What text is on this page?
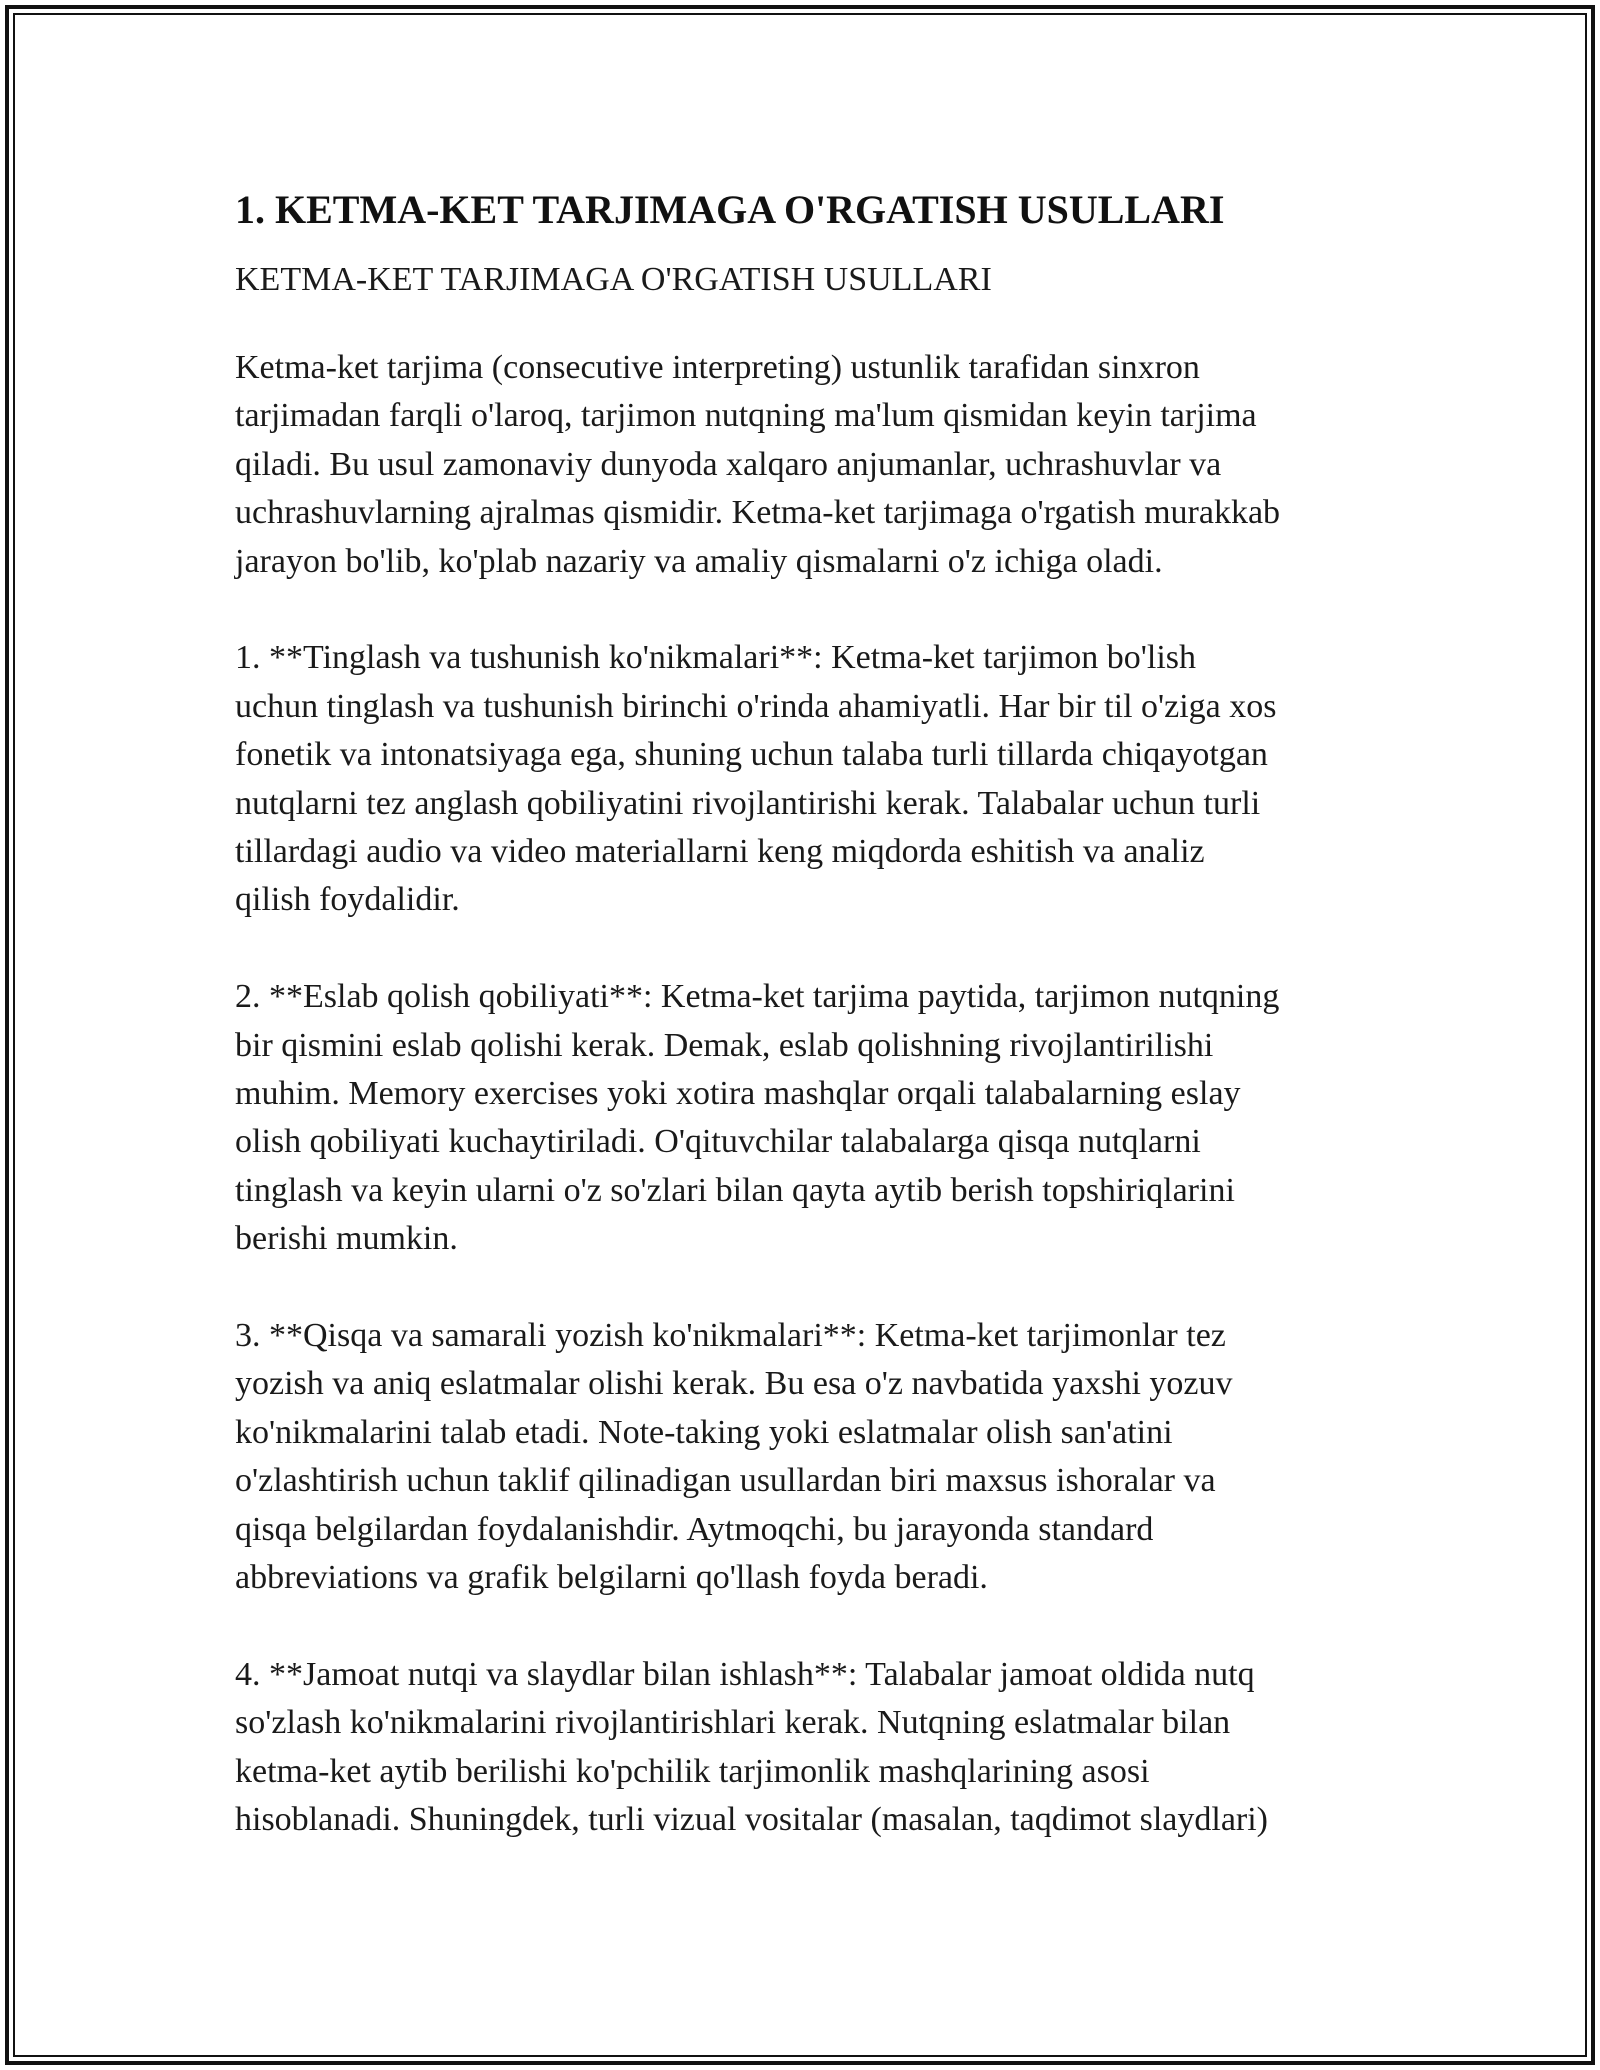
1. KETMA-KET TARJIMAGA O'RGATISH USULLARI
KETMA-KET TARJIMAGA O'RGATISH USULLARI
Ketma-ket tarjima (consecutive interpreting) ustunlik tarafidan sinxron
tarjimadan farqli o'laroq, tarjimon nutqning ma'lum qismidan keyin tarjima
qiladi. Bu usul zamonaviy dunyoda xalqaro anjumanlar, uchrashuvlar va
uchrashuvlarning ajralmas qismidir. Ketma-ket tarjimaga o'rgatish murakkab
jarayon bo'lib, ko'plab nazariy va amaliy qismalarni o'z ichiga oladi.
1. **Tinglash va tushunish ko'nikmalari**: Ketma-ket tarjimon bo'lish
uchun tinglash va tushunish birinchi o'rinda ahamiyatli. Har bir til o'ziga xos
fonetik va intonatsiyaga ega, shuning uchun talaba turli tillarda chiqayotgan
nutqlarni tez anglash qobiliyatini rivojlantirishi kerak. Talabalar uchun turli
tillardagi audio va video materiallarni keng miqdorda eshitish va analiz
qilish foydalidir.
2. **Eslab qolish qobiliyati**: Ketma-ket tarjima paytida, tarjimon nutqning
bir qismini eslab qolishi kerak. Demak, eslab qolishning rivojlantirilishi
muhim. Memory exercises yoki xotira mashqlar orqali talabalarning eslay
olish qobiliyati kuchaytiriladi. O'qituvchilar talabalarga qisqa nutqlarni
tinglash va keyin ularni o'z so'zlari bilan qayta aytib berish topshiriqlarini
berishi mumkin.
3. **Qisqa va samarali yozish ko'nikmalari**: Ketma-ket tarjimonlar tez
yozish va aniq eslatmalar olishi kerak. Bu esa o'z navbatida yaxshi yozuv
ko'nikmalarini talab etadi. Note-taking yoki eslatmalar olish san'atini
o'zlashtirish uchun taklif qilinadigan usullardan biri maxsus ishoralar va
qisqa belgilardan foydalanishdir. Aytmoqchi, bu jarayonda standard
abbreviations va grafik belgilarni qo'llash foyda beradi.
4. **Jamoat nutqi va slaydlar bilan ishlash**: Talabalar jamoat oldida nutq
so'zlash ko'nikmalarini rivojlantirishlari kerak. Nutqning eslatmalar bilan
ketma-ket aytib berilishi ko'pchilik tarjimonlik mashqlarining asosi
hisoblanadi. Shuningdek, turli vizual vositalar (masalan, taqdimot slaydlari)
